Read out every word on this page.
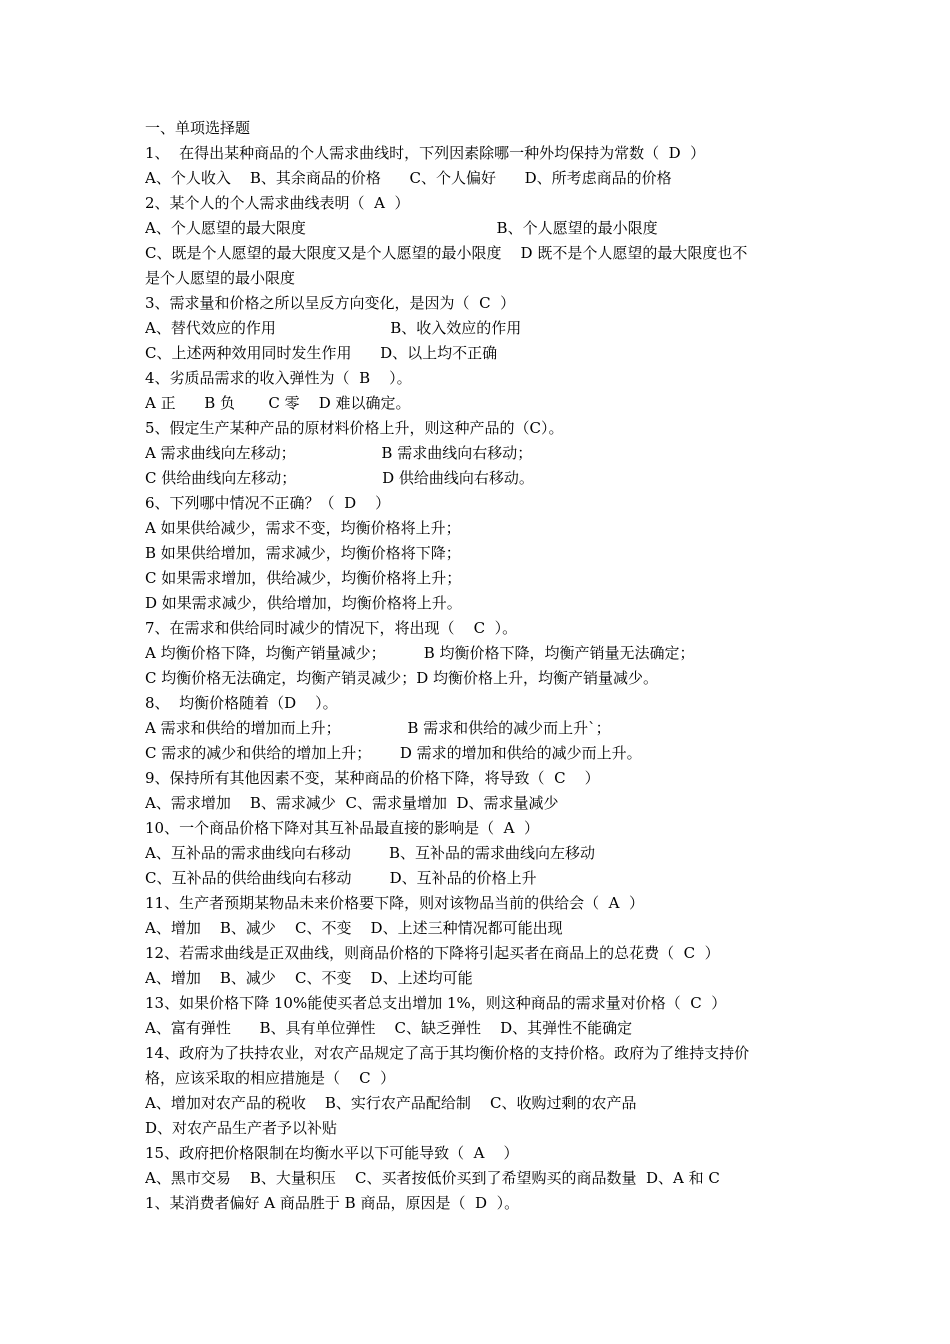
一、单项选择题
1、  在得出某种商品的个人需求曲线时，下列因素除哪一种外均保持为常数（  D  ）
A、个人收入    B、其余商品的价格      C、个人偏好      D、所考虑商品的价格
2、某个人的个人需求曲线表明（  A  ）
A、个人愿望的最大限度                                        B、个人愿望的最小限度
C、既是个人愿望的最大限度又是个人愿望的最小限度    D 既不是个人愿望的最大限度也不
是个人愿望的最小限度
3、需求量和价格之所以呈反方向变化，是因为（  C  ）
A、替代效应的作用                        B、收入效应的作用
C、上述两种效用同时发生作用      D、以上均不正确
4、劣质品需求的收入弹性为（  B    ）。
A 正      B 负       C 零    D 难以确定。
5、假定生产某种产品的原材料价格上升，则这种产品的（C）。
A 需求曲线向左移动；                  B 需求曲线向右移动；
C 供给曲线向左移动；                  D 供给曲线向右移动。
6、下列哪中情况不正确？（  D    ）
A 如果供给减少，需求不变，均衡价格将上升；
B 如果供给增加，需求减少，均衡价格将下降；
C 如果需求增加，供给减少，均衡价格将上升；
D 如果需求减少，供给增加，均衡价格将上升。
7、在需求和供给同时减少的情况下，将出现（    C  ）。
A 均衡价格下降，均衡产销量减少；        B 均衡价格下降，均衡产销量无法确定；
C 均衡价格无法确定，均衡产销灵减少；D 均衡价格上升，均衡产销量减少。
8、  均衡价格随着（D    ）。
A 需求和供给的增加而上升；              B 需求和供给的减少而上升`；
C 需求的减少和供给的增加上升；      D 需求的增加和供给的减少而上升。
9、保持所有其他因素不变，某种商品的价格下降，将导致（  C    ）
A、需求增加    B、需求减少  C、需求量增加  D、需求量减少
10、一个商品价格下降对其互补品最直接的影响是（  A  ）
A、互补品的需求曲线向右移动        B、互补品的需求曲线向左移动
C、互补品的供给曲线向右移动        D、互补品的价格上升
11、生产者预期某物品未来价格要下降，则对该物品当前的供给会（  A  ）
A、增加    B、减少    C、不变    D、上述三种情况都可能出现
12、若需求曲线是正双曲线，则商品价格的下降将引起买者在商品上的总花费（  C  ）
A、增加    B、减少    C、不变    D、上述均可能
13、如果价格下降 10%能使买者总支出增加 1%，则这种商品的需求量对价格（  C  ）
A、富有弹性      B、具有单位弹性    C、缺乏弹性    D、其弹性不能确定
14、政府为了扶持农业，对农产品规定了高于其均衡价格的支持价格。政府为了维持支持价
格，应该采取的相应措施是（    C  ）
A、增加对农产品的税收    B、实行农产品配给制    C、收购过剩的农产品
D、对农产品生产者予以补贴
15、政府把价格限制在均衡水平以下可能导致（  A    ）
A、黑市交易    B、大量积压    C、买者按低价买到了希望购买的商品数量  D、A 和 C
1、某消费者偏好 A 商品胜于 B 商品，原因是（  D  ）。
